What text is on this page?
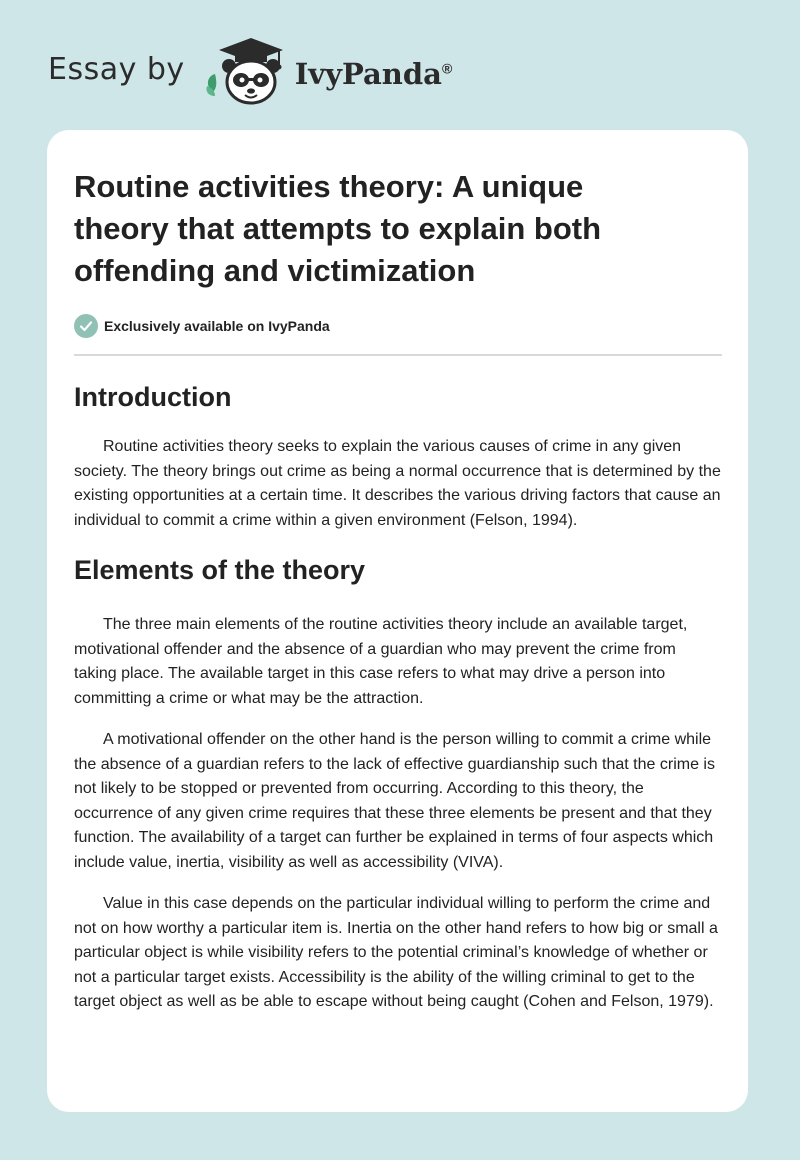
Essay by	IvyPanda®
Routine activities theory: A unique theory that attempts to explain both offending and victimization
Exclusively available on IvyPanda
Introduction

Routine activities theory seeks to explain the various causes of crime in any given society. The theory brings out crime as being a normal occurrence that is determined by the existing opportunities at a certain time. It describes the various driving factors that cause an individual to commit a crime within a given environment (Felson, 1994).

Elements of the theory

The three main elements of the routine activities theory include an available target, motivational offender and the absence of a guardian who may prevent the crime from taking place. The available target in this case refers to what may drive a person into committing a crime or what may be the attraction.

A motivational offender on the other hand is the person willing to commit a crime while the absence of a guardian refers to the lack of effective guardianship such that the crime is not likely to be stopped or prevented from occurring. According to this theory, the occurrence of any given crime requires that these three elements be present and that they function. The availability of a target can further be explained in terms of four aspects which include value, inertia, visibility as well as accessibility (VIVA).

Value in this case depends on the particular individual willing to perform the crime and not on how worthy a particular item is. Inertia on the other hand refers to how big or small a particular object is while visibility refers to the potential criminal’s knowledge of whether or not a particular target exists. Accessibility is the ability of the willing criminal to get to the target object as well as be able to escape without being caught (Cohen and Felson, 1979).
